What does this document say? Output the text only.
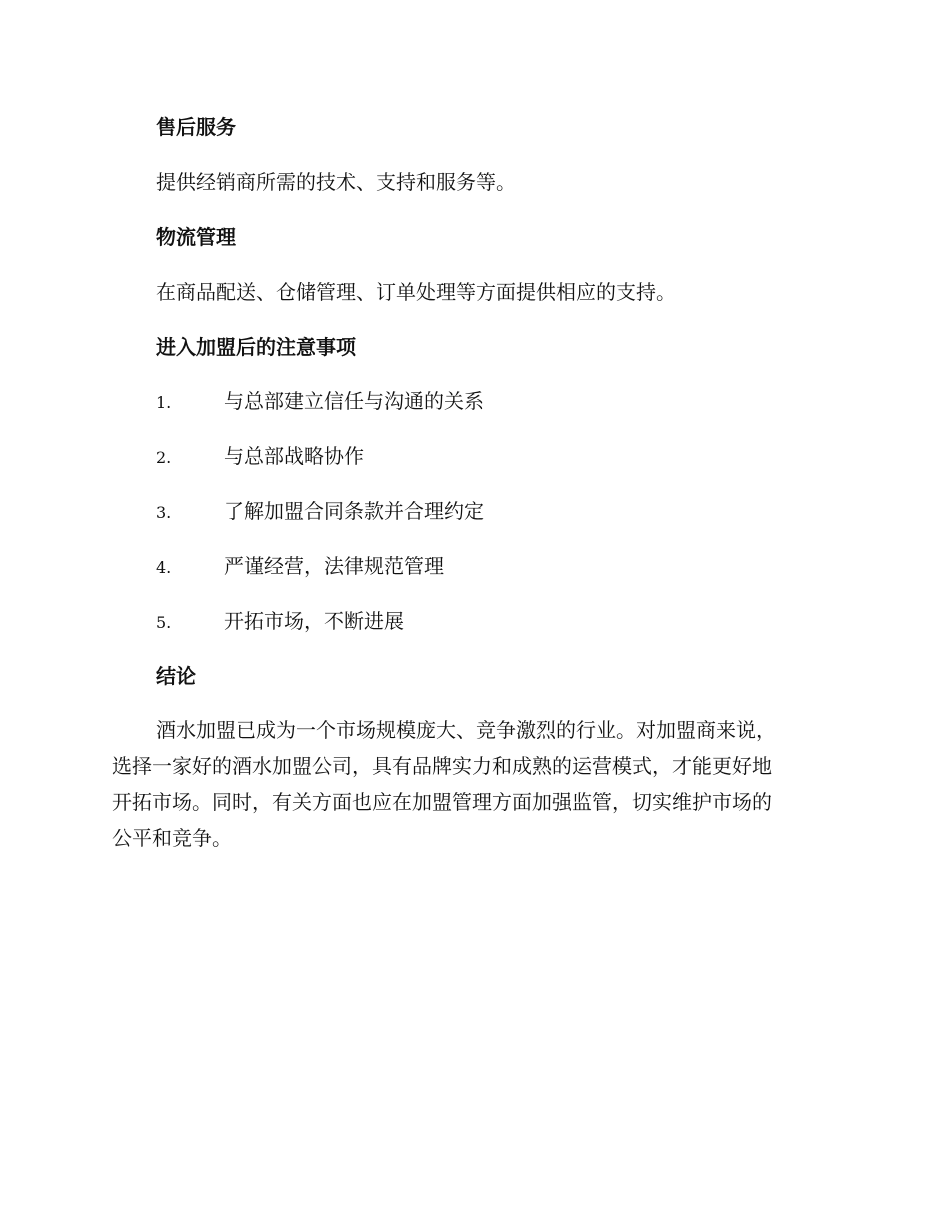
售后服务
提供经销商所需的技术、支持和服务等。
物流管理
在商品配送、仓储管理、订单处理等方面提供相应的支持。
进入加盟后的注意事项
1.	与总部建立信任与沟通的关系
2.	与总部战略协作
3.	了解加盟合同条款并合理约定
4.	严谨经营，法律规范管理
5.	开拓市场，不断进展
结论
酒水加盟已成为一个市场规模庞大、竞争激烈的行业。对加盟商来说，
选择一家好的酒水加盟公司，具有品牌实力和成熟的运营模式，才能更好地
开拓市场。同时，有关方面也应在加盟管理方面加强监管，切实维护市场的
公平和竞争。
